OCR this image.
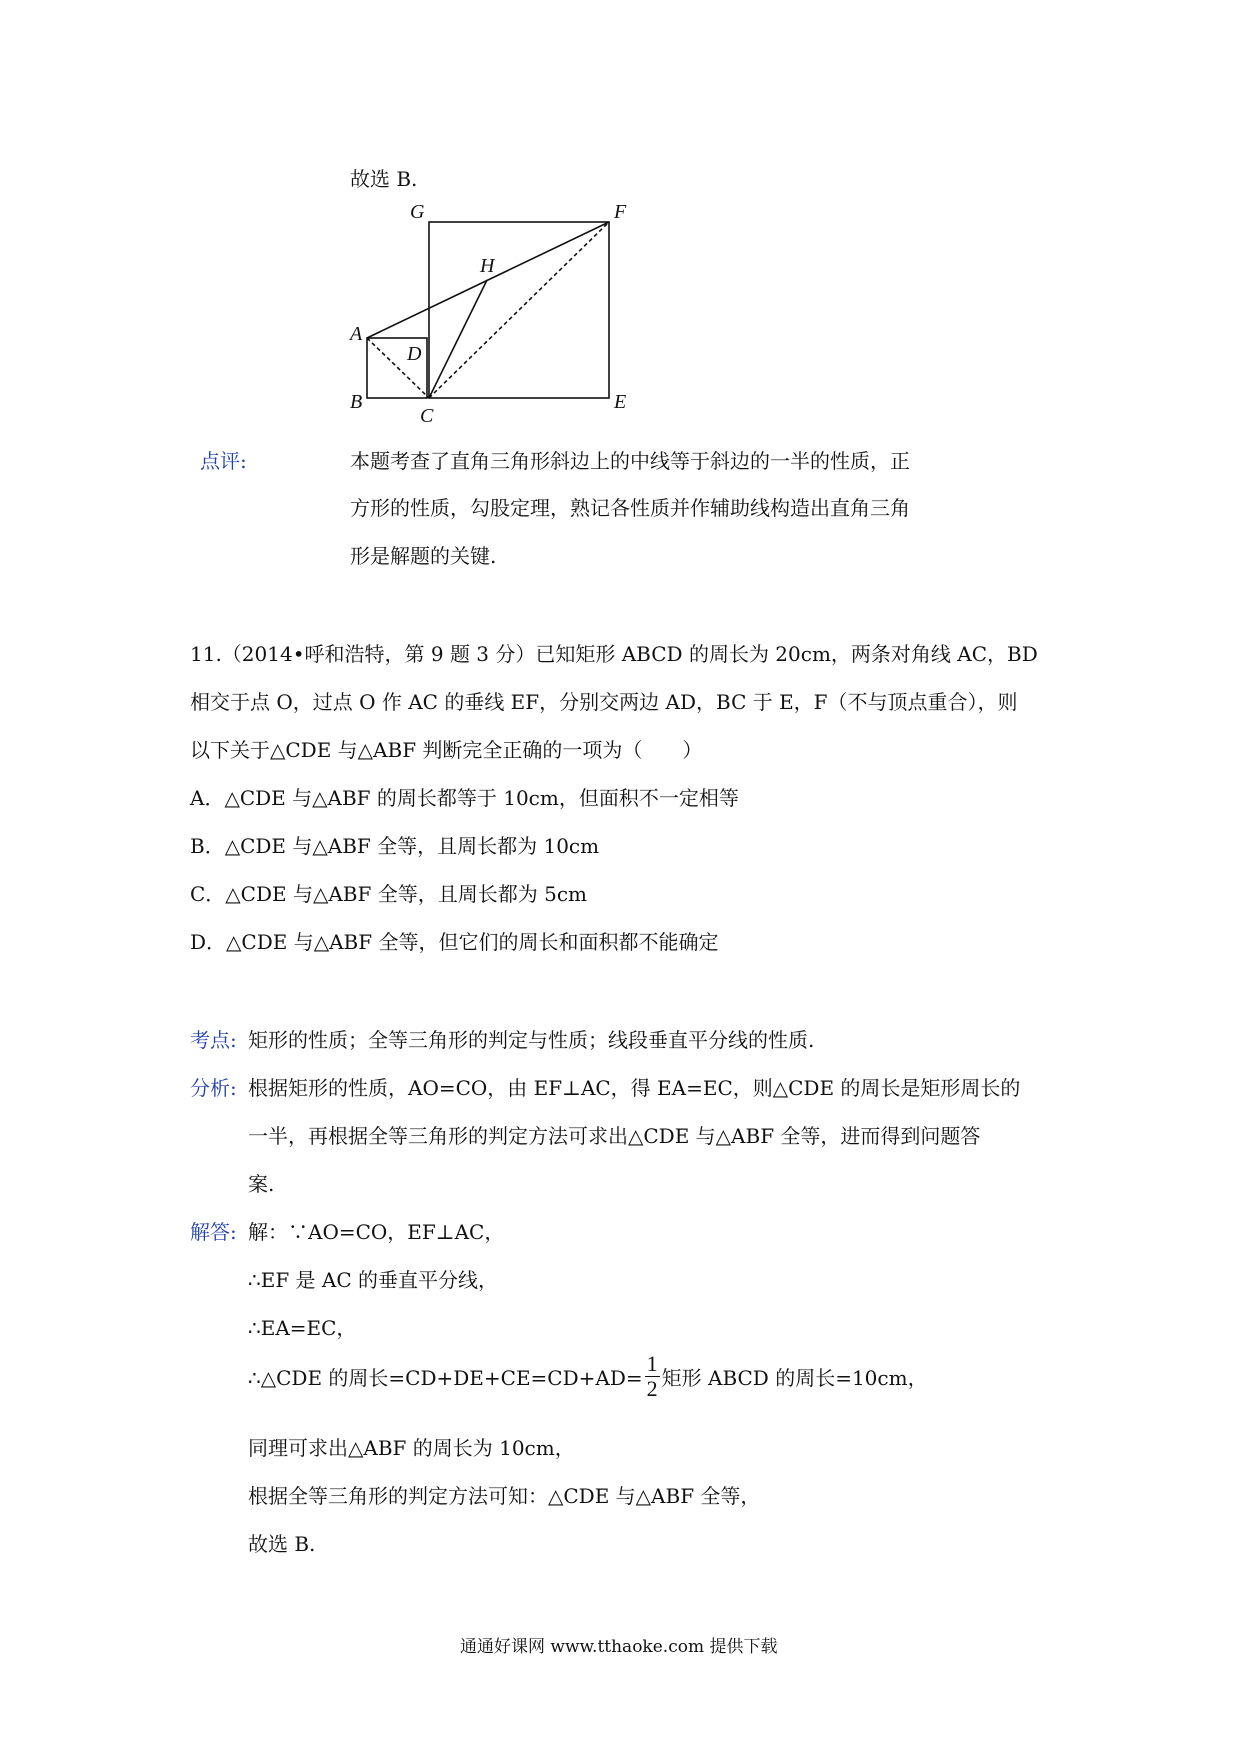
故选 B.
G	F
H
A
D
B
C
E
点评:	本题考查了直角三角形斜边上的中线等于斜边的一半的性质，正
方形的性质，勾股定理，熟记各性质并作辅助线构造出直角三角
形是解题的关键.
11.（2014•呼和浩特，第 9 题 3 分）已知矩形 ABCD 的周长为 20cm，两条对角线 AC，BD
相交于点 O，过点 O 作 AC 的垂线 EF，分别交两边 AD，BC 于 E，F（不与顶点重合），则
以下关于△CDE 与△ABF 判断完全正确的一项为（　　）
A．△CDE 与△ABF 的周长都等于 10cm，但面积不一定相等
B．△CDE 与△ABF 全等，且周长都为 10cm
C．△CDE 与△ABF 全等，且周长都为 5cm
D．△CDE 与△ABF 全等，但它们的周长和面积都不能确定
考点: 矩形的性质；全等三角形的判定与性质；线段垂直平分线的性质.
分析: 根据矩形的性质，AO=CO，由 EF⊥AC，得 EA=EC，则△CDE 的周长是矩形周长的
一半，再根据全等三角形的判定方法可求出△CDE 与△ABF 全等，进而得到问题答
案.
解答: 解：∵AO=CO，EF⊥AC，
∴EF 是 AC 的垂直平分线，
∴EA=EC，
∴△CDE 的周长$=CD+DE+CE=CD+AD= \frac{1}{2}$ 矩形 ABCD 的周长=10cm，
同理可求出△ABF 的周长为 10cm，
根据全等三角形的判定方法可知：△CDE 与△ABF 全等，
故选 B.
通通好课网 www.tthaoke.com 提供下载
